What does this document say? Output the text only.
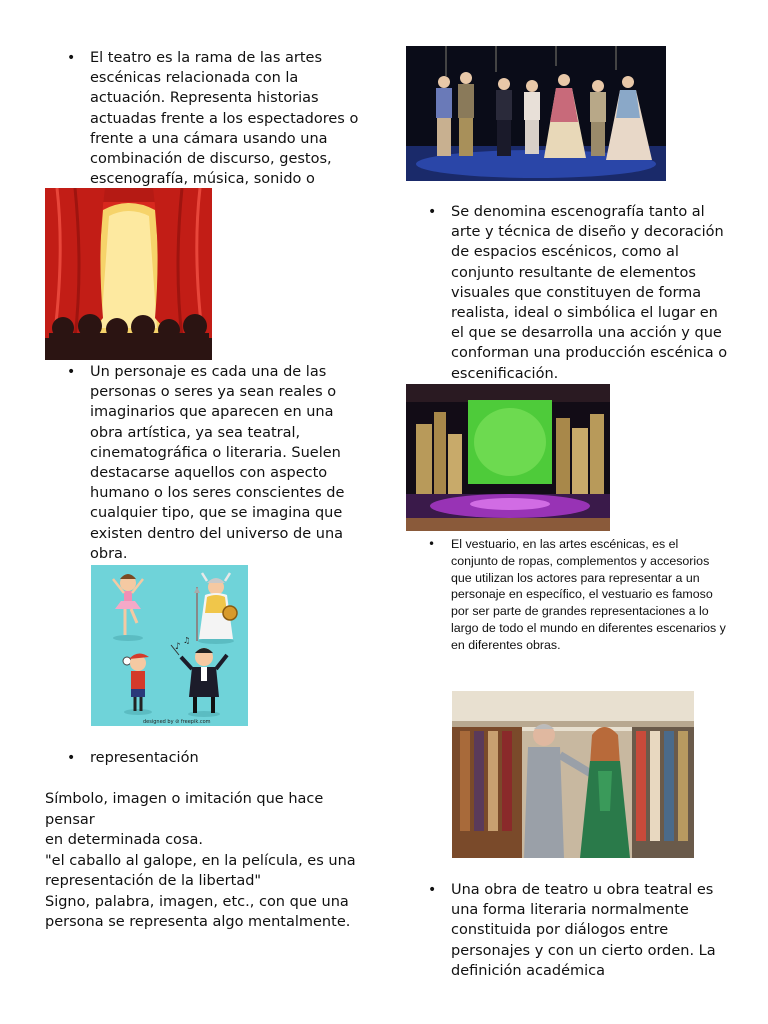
• El teatro es la rama de las artes escénicas relacionada con la actuación. Representa historias actuadas frente a los espectadores o frente a una cámara usando una combinación de discurso, gestos, escenografía, música, sonido o
• Un personaje es cada una de las personas o seres ya sean reales o imaginarios que aparecen en una obra artística, ya sea teatral, cinematográfica o literaria. Suelen destacarse aquellos con aspecto humano o los seres conscientes de cualquier tipo, que se imagina que existen dentro del universo de una obra.
♪
♫
designed by ⊘ freepik.com
• representación
Símbolo, imagen o imitación que hace pensar
en determinada cosa.
"el caballo al galope, en la película, es una
representación de la libertad"
Signo, palabra, imagen, etc., con que una
persona se representa algo mentalmente.
• Se denomina escenografía tanto al arte y técnica de diseño y decoración de espacios escénicos, como al conjunto resultante de elementos visuales que constituyen de forma realista, ideal o simbólica el lugar en el que se desarrolla una acción y que conforman una producción escénica o escenificación.
• El vestuario, en las artes escénicas, es el conjunto de ropas, complementos y accesorios que utilizan los actores para representar a un personaje en específico, el vestuario es famoso por ser parte de grandes representaciones a lo largo de todo el mundo en diferentes escenarios y en diferentes obras.
• Una obra de teatro u obra teatral es una forma literaria normalmente constituida por diálogos entre personajes y con un cierto orden. La definición académica
